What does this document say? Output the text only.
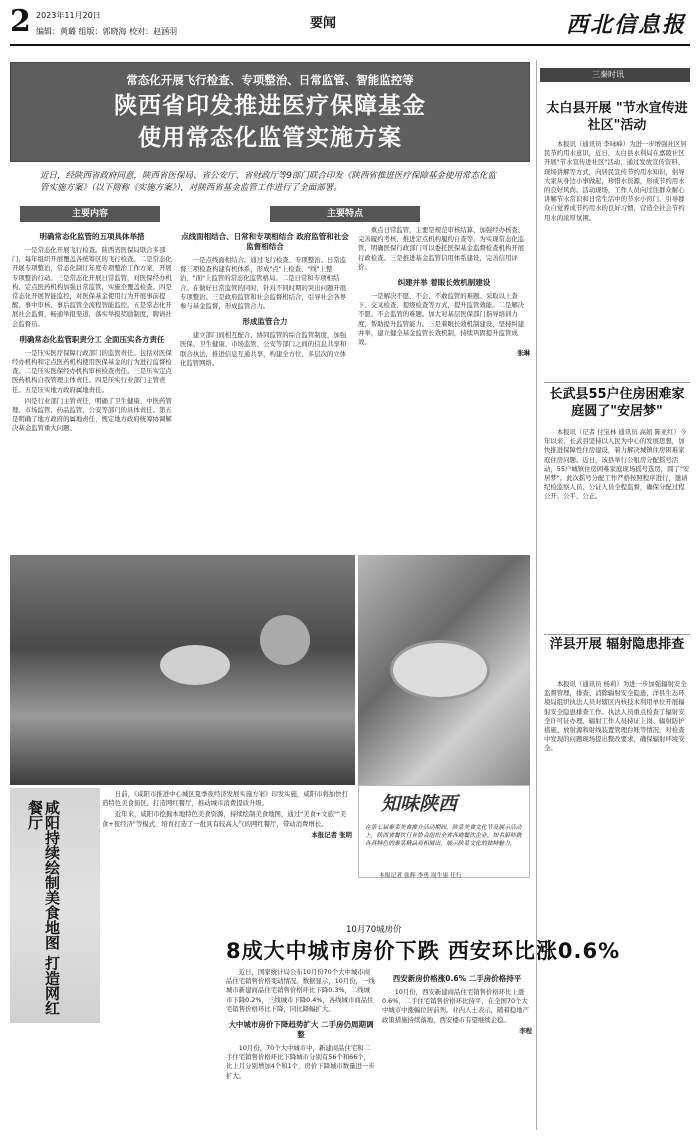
2 2023年11月20日
编辑：黄璐 组版：郭晓海 校对：赵涵羽
要闻	西北信息报
常态化开展飞行检查、专项整治、日常监管、智能监控等
陕西省印发推进医疗保障基金
使用常态化监管实施方案
近日，经陕西省政府同意，陕西省医保局、省公安厅、省财政厅等9部门联合印发《陕西省推进医疗保障基金使用常态化监管实施方案》（以下简称《实施方案》），对陕西省基金监管工作进行了全面部署。
主要内容	主要特点
明确常态化监管的五项具体举措

一是常态化开展飞行检查。陕西省医保局联合多部门，每年组织开展覆盖各统筹区的飞行检查。二是常态化开展专项整治，常态化制订年度专项整治工作方案，开展专项整治行动。三是常态化开展日常监管，对医保经办机构、定点医药机构加强日常监管，实施全覆盖检查。四是常态化开展智能监控，对医保基金使用行为开展事前提醒、事中审核、事后监管全流程智能监控。五是常态化开展社会监督，畅通举报渠道，落实举报奖励制度，聘请社会监督员。

明确常态化监管职责分工 全面压实各方责任

一是压实医疗保障行政部门的监管责任。包括对医保经办机构和定点医药机构使用医保基金的行为进行监督检查。二是压实医保经办机构审核检查责任。三是压实定点医药机构自我管理主体责任。四是压实行业部门主管责任。五是压实地方政府属地责任。

四是行业部门主管责任，明确了卫生健康、中医药管理、市场监管、药品监管、公安等部门的具体责任。第五是明确了地方政府的属地责任，规定地方政府统筹协调解决基金监管重大问题。

点线面相结合、日常和专项相结合 政府监管和社会监督相结合

一是点线面相结合。通过飞行检查、专项整治、日常监督三项检查构建有机体系，形成"点"上检查、"线"上整治、"面"上监管的常态化监管格局。二是日常和专项相结合。在做好日常监管的同时，针对不同时期的突出问题开展专项整治。三是政府监管和社会监督相结合，引导社会各界参与基金监督，形成监管合力。

形成监管合力

建立部门间相互配合、协同监管的综合监管制度，加强医保、卫生健康、市场监管、公安等部门之间的信息共享和联合执法，推进信息互通共享，构建全方位、多层次的立体化监管网络。

重点日常监管，主要是规范审核结算、加强经办核查、完善履约考核、推进定点机构履约自查等，为实现常态化监管，明确医保行政部门可以委托医保基金监督检查机构开展行政检查。三是推进基金监管信用体系建设，完善信用评价。

纠建并举 着眼长效机制建设

一是解决不愿、不会、不敢监管的难题。采取以上查下、交叉检查、提级检查等方式，提升监管效能。二是解决不愿、不会监管的难题。加大对基层医保部门指导培训力度，帮助提升监管能力。三是着眼长效机制建设，坚持纠建并举，建立健全基金监管长效机制，持续巩固提升监管成效。

张琳
知味陕西
在第七届秦菜美食推介活动期间，陕菜美食文化节及展示活动上，陕西省餐饮行业协会组织全省各地餐饮企业、知名厨师携各具特色的秦菜精品亮相展出，展示陕菜文化的独特魅力。
本报记者 张辉 李勇 周生果 任行
咸阳持续绘制美食地图 打造网红餐厅

日前，《咸阳市推进中心城区夏季夜经济发展实施方案》印发实施，咸阳市将加快打造特色美食街区，打造网红餐厅，推动城市消费提质升级。

近年来，咸阳市挖掘本地特色美食资源，持续绘制美食地图，通过"美食+文旅""美食+夜经济"等模式，培育打造了一批具有较高人气的网红餐厅，带动消费增长。

本报记者 张明
10月70城房价
8成大中城市房价下跌 西安环比涨0.6%

近日，国家统计局公布10月份70个大中城市商品住宅销售价格变动情况。数据显示，10月份，一线城市新建商品住宅销售价格环比下降0.3%，二线城市下降0.2%，三线城市下降0.4%，各线城市商品住宅销售价格环比下降，同比降幅扩大。

大中城市房价下降趋势扩大 二手房仍周期调整

10月份，70个大中城市中，新建商品住宅和二手住宅销售价格环比下降城市分别有56个和66个，比上月分别增加4个和1个，房价下降城市数量进一步扩大。

西安新房价格涨0.6% 二手房价格持平

10月份，西安新建商品住宅销售价格环比上涨0.6%，二手住宅销售价格环比持平，在全国70个大中城市中涨幅位居前列。业内人士表示，随着稳地产政策措施持续落地，西安楼市有望继续企稳。

李程
三秦时讯
太白县开展 "节水宣传进社区"活动

本报讯（通讯员 李咏峰）为进一步增强社区居民节约用水意识，近日，太白县水利局在嘉陵社区开展"节水宣传进社区"活动，通过发放宣传资料、现场讲解等方式，向居民宣传节约用水知识，倡导大家从身边小事做起，珍惜水资源，形成节约用水的良好风尚。活动现场，工作人员向过往群众耐心讲解节水常识和日常生活中的节水小窍门，引导群众自觉养成节约用水的良好习惯，营造全社会节约用水的浓厚氛围。

长武县55户住房困难家庭圆了"安居梦"

本报讯（记者 付宝林 通讯员 高娟 陈亚红）今年以来，长武县坚持以人民为中心的发展思想，加快推进保障性住房建设，着力解决城镇住房困难家庭住房问题。近日，该县举行公租房分配摇号活动，55户城镇住房困难家庭现场摇号选房，圆了"安居梦"。此次摇号分配工作严格按照程序进行，邀请纪检监察人员、公证人员全程监督，确保分配过程公开、公平、公正。

洋县开展 辐射隐患排查

本报讯（通讯员 杨莉）为进一步加强辐射安全监督管理，排查、消除辐射安全隐患，洋县生态环境局组织执法人员对辖区内核技术利用单位开展辐射安全隐患排查工作。执法人员重点检查了辐射安全许可证办理、辐射工作人员持证上岗、辐射防护措施、放射源和射线装置管理台账等情况，对检查中发现的问题现场提出整改要求，确保辐射环境安全。
